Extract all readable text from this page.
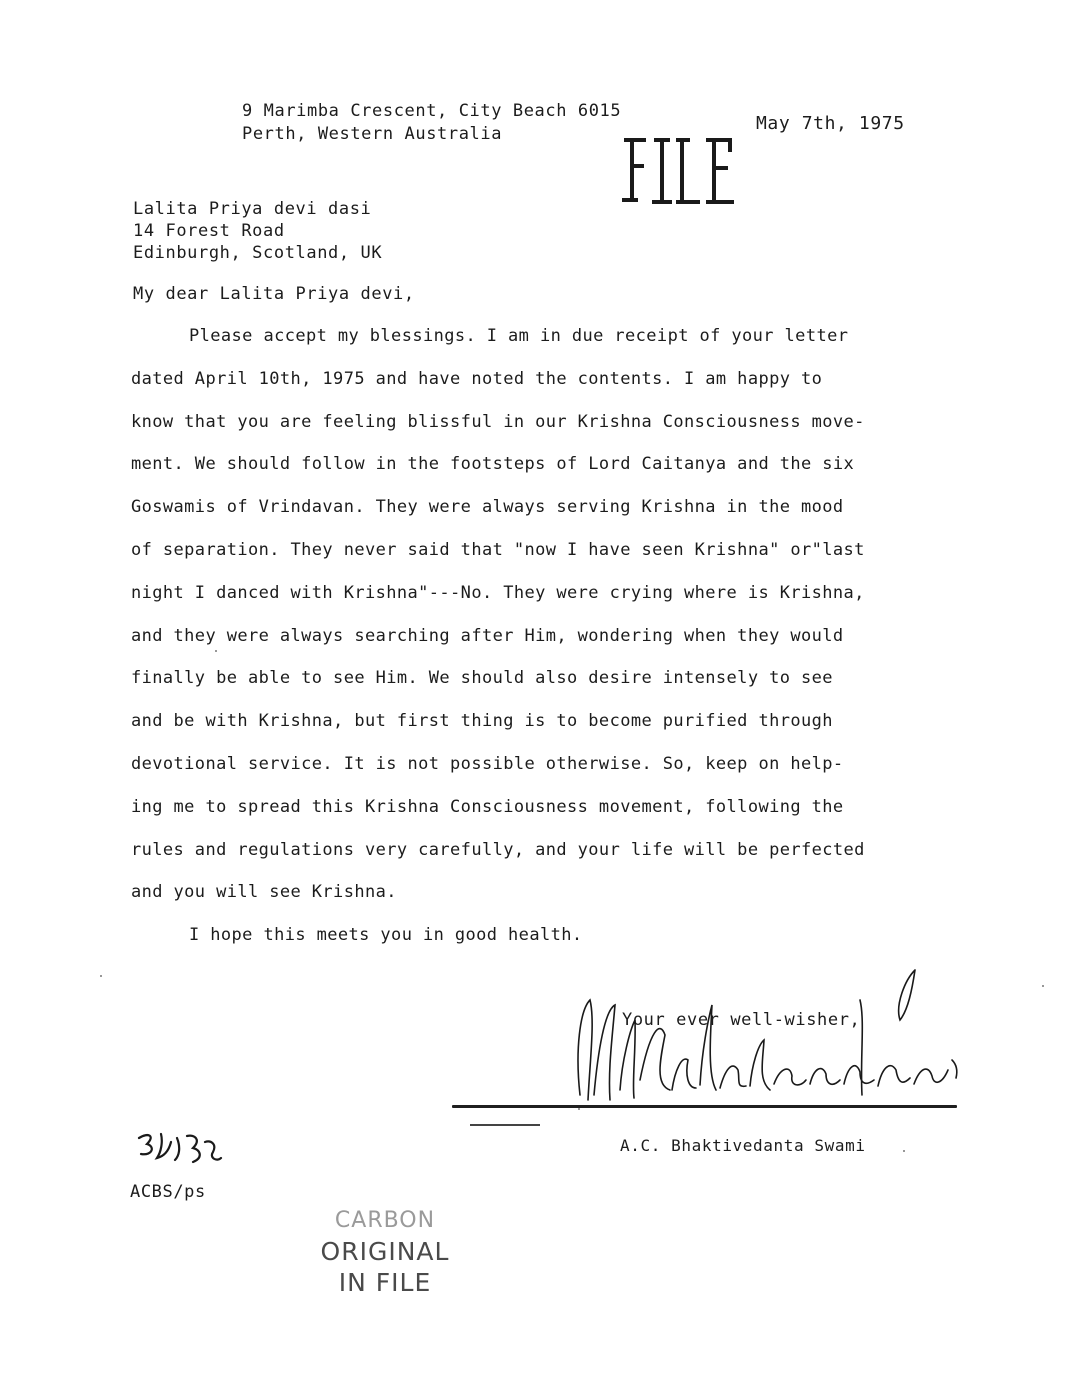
9 Marimba Crescent, City Beach 6015
Perth, Western Australia	May 7th, 1975
Lalita Priya devi dasi
14 Forest Road
Edinburgh, Scotland, UK
My dear Lalita Priya devi,
Please accept my blessings. I am in due receipt of your letter
dated April 10th, 1975 and have noted the contents. I am happy to
know that you are feeling blissful in our Krishna Consciousness move-
ment. We should follow in the footsteps of Lord Caitanya and the six
Goswamis of Vrindavan. They were always serving Krishna in the mood
of separation. They never said that "now I have seen Krishna" or"last
night I danced with Krishna"---No. They were crying where is Krishna,
and they were always searching after Him, wondering when they would
finally be able to see Him. We should also desire intensely to see
and be with Krishna, but first thing is to become purified through
devotional service. It is not possible otherwise. So, keep on help-
ing me to spread this Krishna Consciousness movement, following the
rules and regulations very carefully, and your life will be perfected
and you will see Krishna.
I hope this meets you in good health.
Your ever well-wisher,
A.C. Bhaktivedanta Swami
ACBS/ps
CARBON
ORIGINAL
IN FILE
